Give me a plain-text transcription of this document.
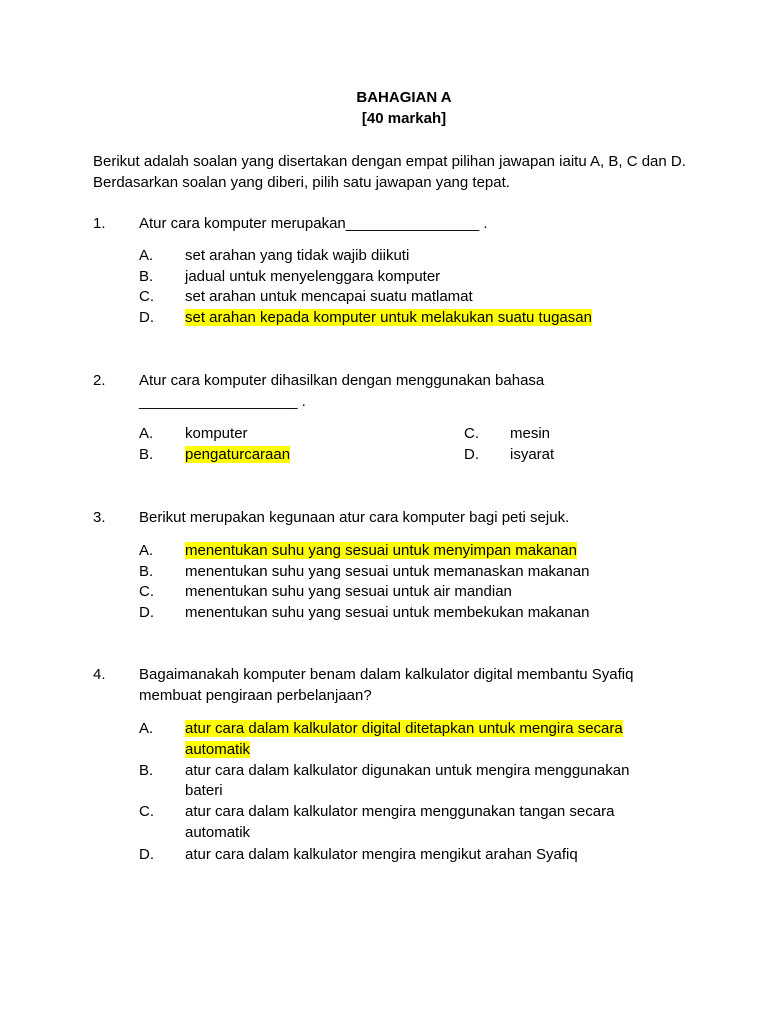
BAHAGIAN A
[40 markah]
Berikut adalah soalan yang disertakan dengan empat pilihan jawapan iaitu A, B, C dan D. Berdasarkan soalan yang diberi, pilih satu jawapan yang tepat.
1. Atur cara komputer merupakan________________ .
A. set arahan yang tidak wajib diikuti
B. jadual untuk menyelenggara komputer
C. set arahan untuk mencapai suatu matlamat
D. set arahan kepada komputer untuk melakukan suatu tugasan
2. Atur cara komputer dihasilkan dengan menggunakan bahasa
___________________ .
A. komputer	C. mesin
B. pengaturcaraan	D. isyarat
3. Berikut merupakan kegunaan atur cara komputer bagi peti sejuk.
A. menentukan suhu yang sesuai untuk menyimpan makanan
B. menentukan suhu yang sesuai untuk memanaskan makanan
C. menentukan suhu yang sesuai untuk air mandian
D. menentukan suhu yang sesuai untuk membekukan makanan
4. Bagaimanakah komputer benam dalam kalkulator digital membantu Syafiq
membuat pengiraan perbelanjaan?
A. atur cara dalam kalkulator digital ditetapkan untuk mengira secara
automatik
B. atur cara dalam kalkulator digunakan untuk mengira menggunakan
bateri
C. atur cara dalam kalkulator mengira menggunakan tangan secara
automatik
D. atur cara dalam kalkulator mengira mengikut arahan Syafiq
